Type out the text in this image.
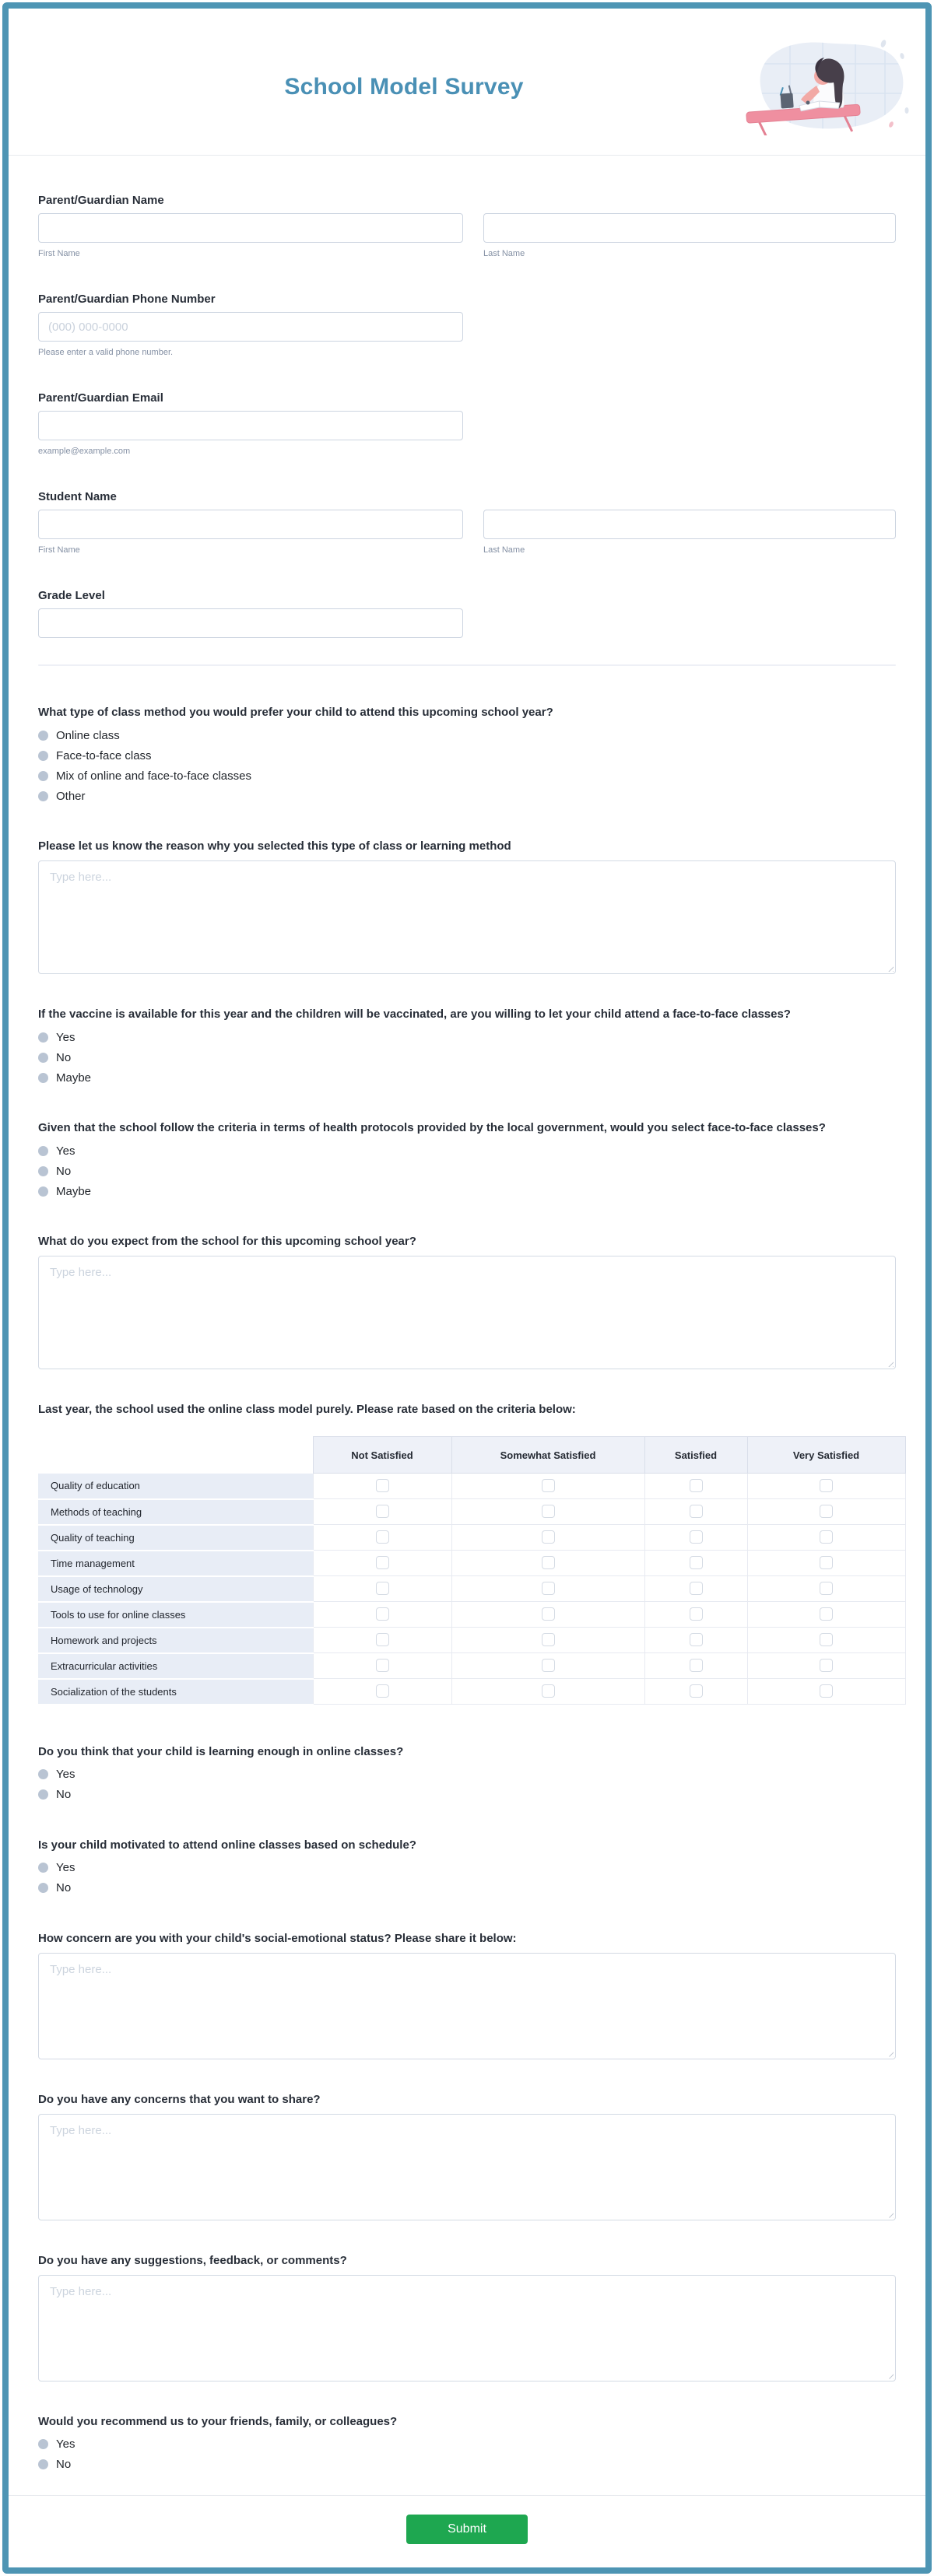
School Model Survey
Parent/Guardian Name
First Name	Last Name
Parent/Guardian Phone Number
(000) 000-0000
Please enter a valid phone number.
Parent/Guardian Email
example@example.com
Student Name
First Name	Last Name
Grade Level
What type of class method you would prefer your child to attend this upcoming school year?
Online class
Face-to-face class
Mix of online and face-to-face classes
Other
Please let us know the reason why you selected this type of class or learning method
Type here...
If the vaccine is available for this year and the children will be vaccinated, are you willing to let your child attend a face-to-face classes?
Yes
No
Maybe
Given that the school follow the criteria in terms of health protocols provided by the local government, would you select face-to-face classes?
Yes
No
Maybe
What do you expect from the school for this upcoming school year?
Type here...
Last year, the school used the online class model purely. Please rate based on the criteria below:
	Not Satisfied	Somewhat Satisfied	Satisfied	Very Satisfied
Quality of education				
Methods of teaching				
Quality of teaching				
Time management				
Usage of technology				
Tools to use for online classes				
Homework and projects				
Extracurricular activities				
Socialization of the students				
Do you think that your child is learning enough in online classes?
Yes
No
Is your child motivated to attend online classes based on schedule?
Yes
No
How concern are you with your child's social-emotional status? Please share it below:
Type here...
Do you have any concerns that you want to share?
Type here...
Do you have any suggestions, feedback, or comments?
Type here...
Would you recommend us to your friends, family, or colleagues?
Yes
No
Submit
